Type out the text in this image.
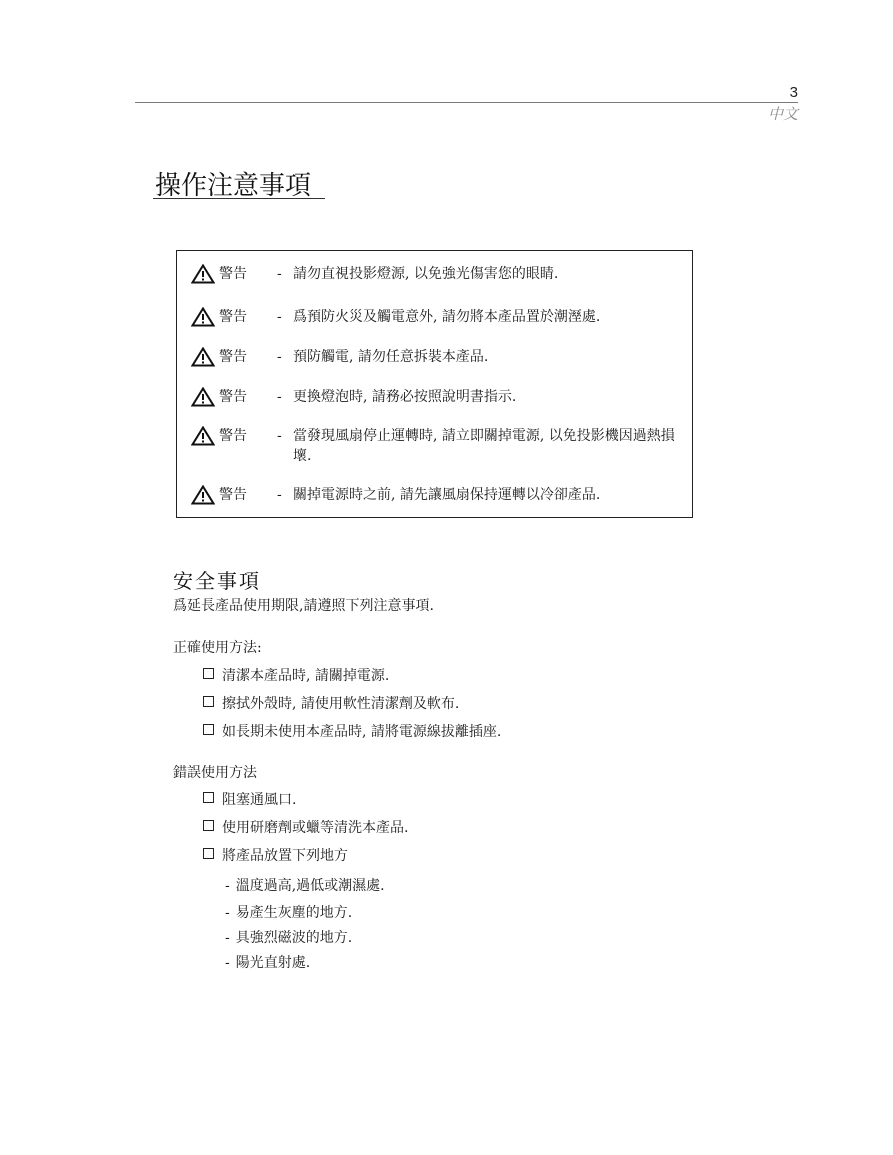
3
中文
操作注意事項
警告 - 請勿直視投影燈源, 以免強光傷害您的眼睛.
警告 - 爲預防火災及觸電意外, 請勿將本產品置於潮溼處.
警告 - 預防觸電, 請勿任意拆裝本產品.
警告 - 更換燈泡時, 請務必按照說明書指示.
警告 - 當發現風扇停止運轉時, 請立即關掉電源, 以免投影機因過熱損壞.
警告 - 關掉電源時之前, 請先讓風扇保持運轉以冷卻產品.
安全事項
爲延長產品使用期限,請遵照下列注意事項.
正確使用方法:
清潔本產品時, 請關掉電源.
擦拭外殼時, 請使用軟性清潔劑及軟布.
如長期未使用本產品時, 請將電源線拔離插座.
錯誤使用方法
阻塞通風口.
使用研磨劑或蠟等清洗本產品.
將產品放置下列地方
- 溫度過高,過低或潮濕處.
- 易產生灰塵的地方.
- 具強烈磁波的地方.
- 陽光直射處.
